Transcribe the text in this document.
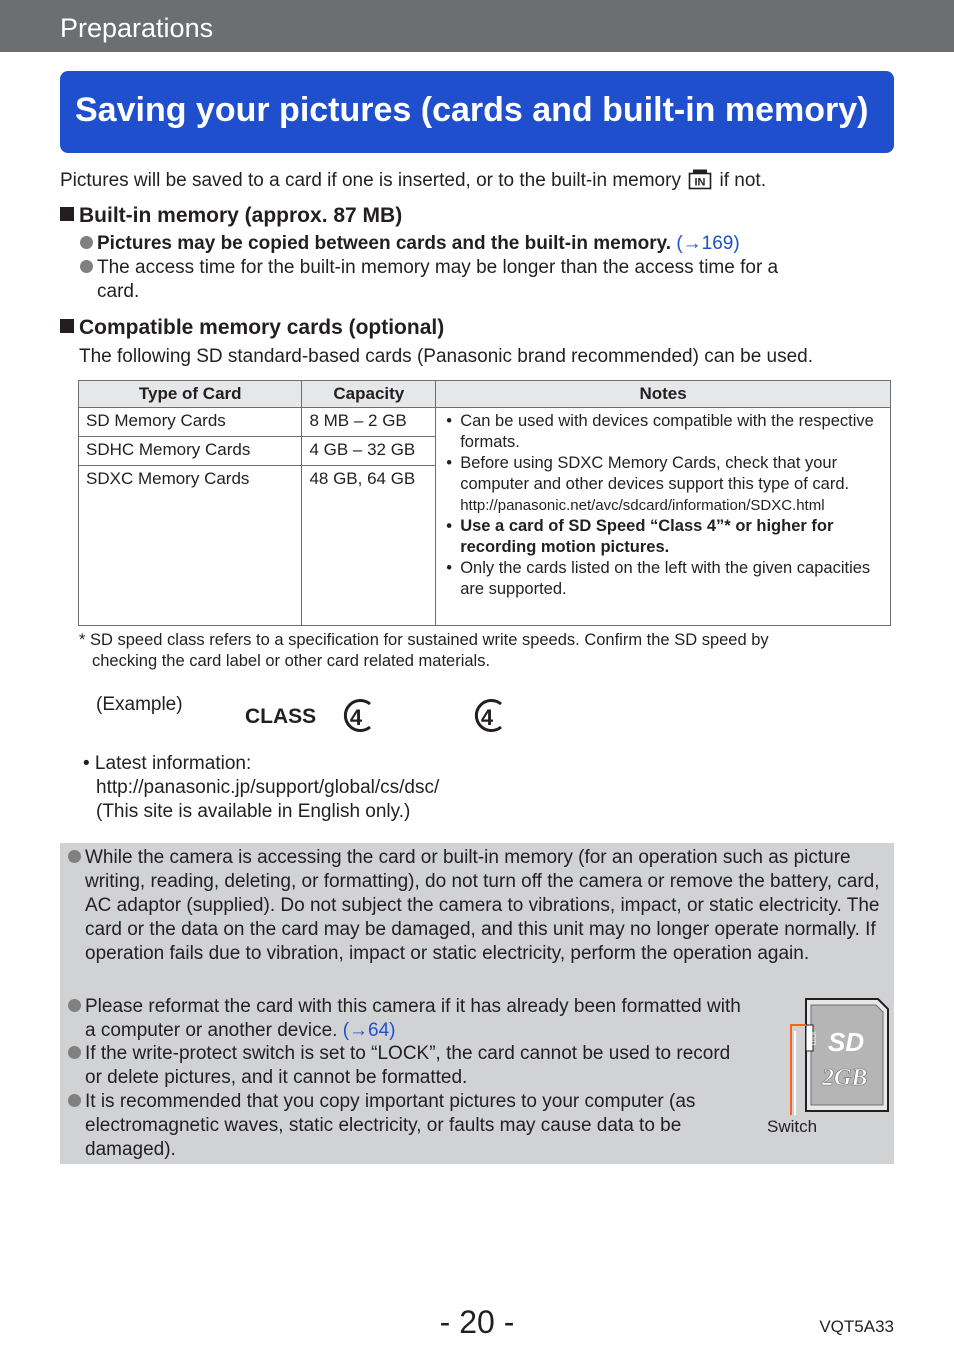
Preparations
Saving your pictures (cards and built-in memory)
Pictures will be saved to a card if one is inserted, or to the built-in memory IN if not.
Built-in memory (approx. 87 MB)
Pictures may be copied between cards and the built-in memory. (→169)
The access time for the built-in memory may be longer than the access time for a
card.
Compatible memory cards (optional)
The following SD standard-based cards (Panasonic brand recommended) can be used.
Type of Card	Capacity	Notes
SD Memory Cards	8 MB – 2 GB	• Can be used with devices compatible with the respective formats.
• Before using SDXC Memory Cards, check that your computer and other devices support this type of card.
http://panasonic.net/avc/sdcard/information/SDXC.html
• Use a card of SD Speed “Class 4”* or higher for recording motion pictures.
• Only the cards listed on the left with the given capacities are supported.

SDHC Memory Cards	4 GB – 32 GB	
SDXC Memory Cards	48 GB, 64 GB	
* SD speed class refers to a specification for sustained write speeds. Confirm the SD speed by
checking the card label or other card related materials.
(Example)
CLASS 4	4
• Latest information:
http://panasonic.jp/support/global/cs/dsc/
(This site is available in English only.)
While the camera is accessing the card or built-in memory (for an operation such as picture writing, reading, deleting, or formatting), do not turn off the camera or remove the battery, card, AC adaptor (supplied). Do not subject the camera to vibrations, impact, or static electricity. The card or the data on the card may be damaged, and this unit may no longer operate normally. If operation fails due to vibration, impact or static electricity, perform the operation again.
Please reformat the card with this camera if it has already been formatted with a computer or another device. (→64)
If the write-protect switch is set to “LOCK”, the card cannot be used to record or delete pictures, and it cannot be formatted.
It is recommended that you copy important pictures to your computer (as electromagnetic waves, static electricity, or faults may cause data to be damaged).
LOCK SD
2GB
Switch
- 20 -	VQT5A33
